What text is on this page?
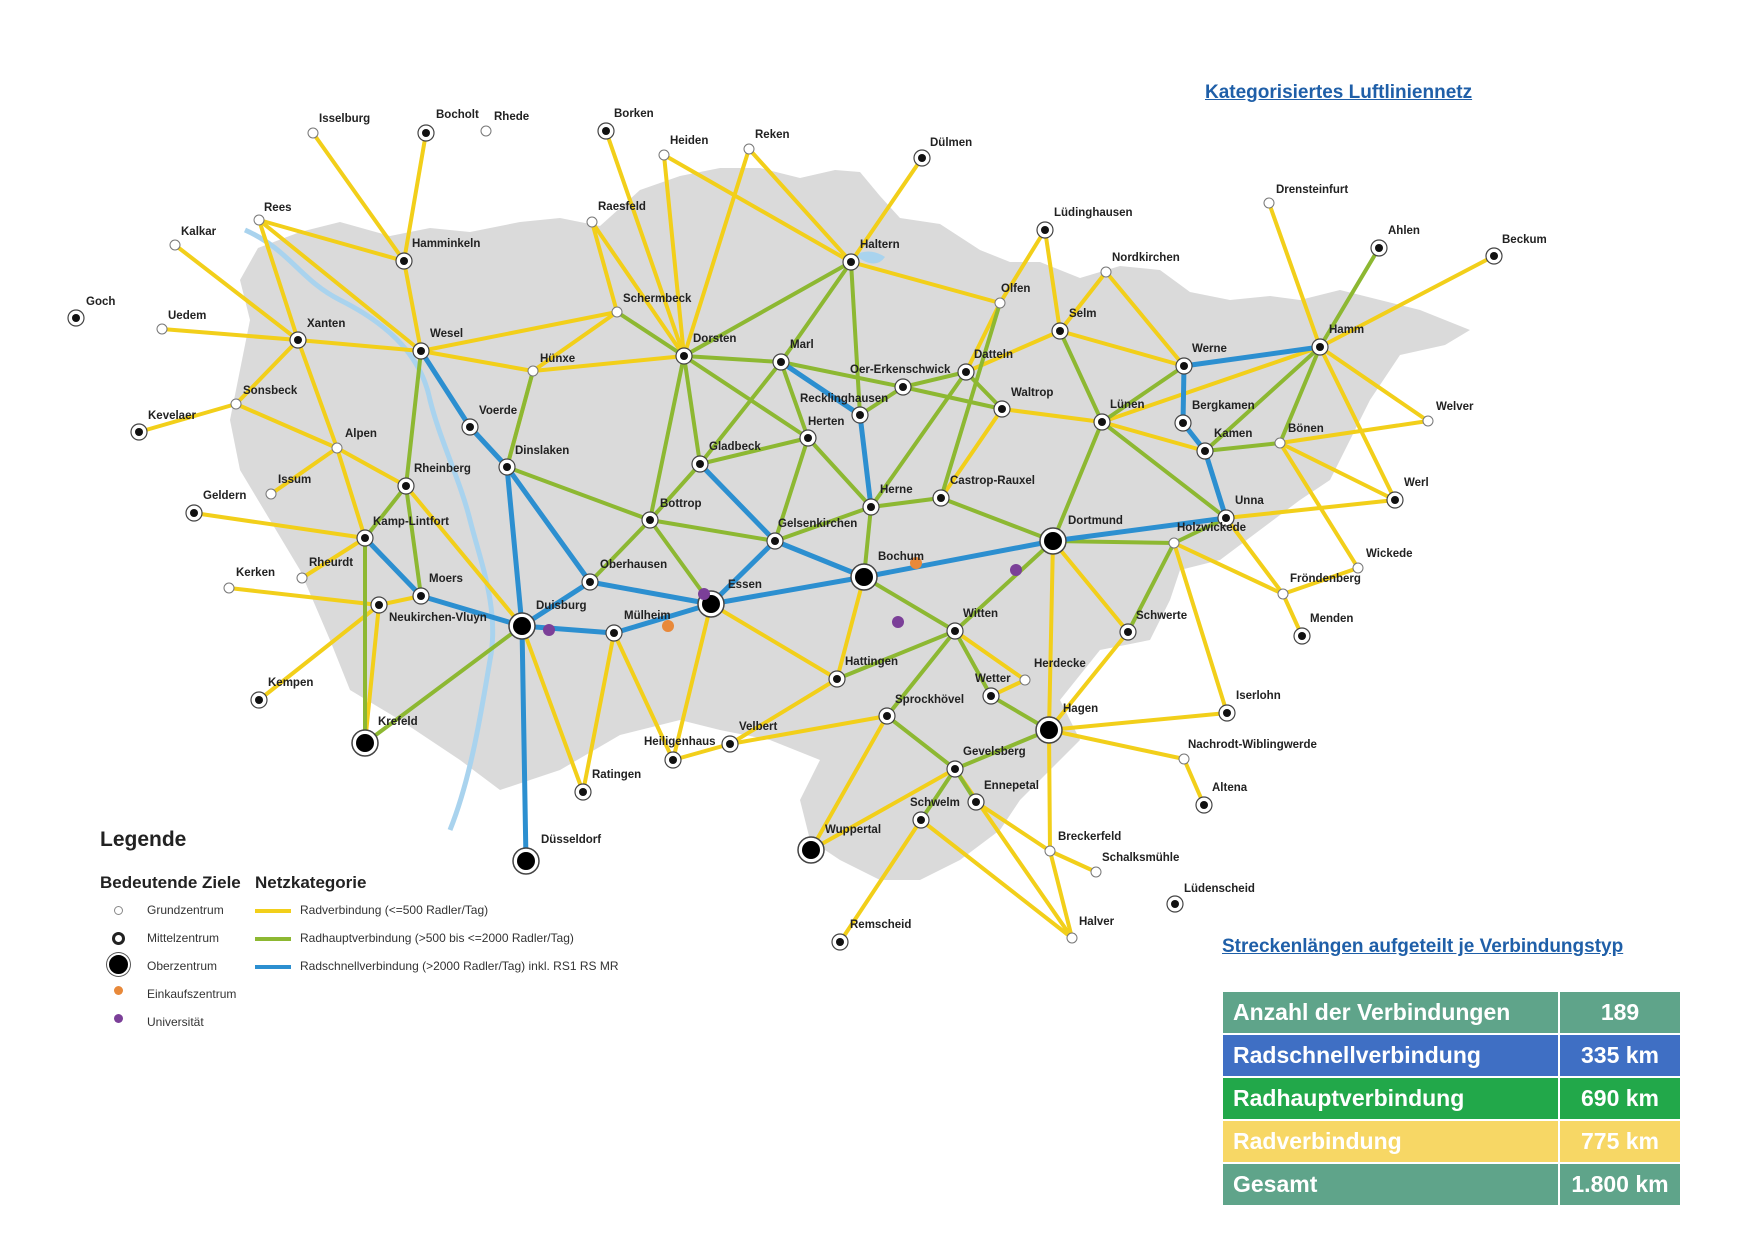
Isselburg	Bocholt Rhede	Borken
Heiden	Reken
Dülmen
Rees
Kalkar
Hamminkeln
Raesfeld
Haltern
Goch
Uedem
Xanten
Wesel
Schermbeck
Dorsten	Marl
Hünxe
Kevelaer
Sonsbeck
Voerde
Oer-Erkenschwick
Recklinghausen
Datteln
Olfen
Lüdinghausen
Nordkirchen
Selm
Drensteinfurt
Ahlen
Beckum
Hamm
Werne
Bergkamen
Kamen	Bönen
Welver
Werl
Alpen
Dinslaken
Herten
Waltrop
Lünen
Issum
Rheinberg
Gladbeck
Geldern
Kamp-Lintfort
Bottrop
Herne
Castrop-Rauxel
Unna
Gelsenkirchen	Dortmund
Holzwickede
Rheurdt
Kerken
Oberhausen
Bochum	Wickede
Fröndenberg
Moers	Essen
Neukirchen-Vluyn
Duisburg
Mülheim	Witten	Schwerte	Menden
Kempen
Hattingen	Herdecke
Wetter
Sprockhövel	Iserlohn
Hagen
Krefeld	Velbert
Heiligenhaus	Nachrodt-Wiblingwerde
Gevelsberg
Ratingen
Ennepetal	Altena
Schwelm
Düsseldorf
Wuppertal
Breckerfeld
Schalksmühle
Lüdenscheid
Remscheid	Halver
Kategorisiertes Luftliniennetz
Legende
Bedeutende Ziele Netzkategorie
Grundzentrum
Mittelzentrum
Oberzentrum
Einkaufszentrum
Universität
Radverbindung (<=500 Radler/Tag)
Radhauptverbindung (>500 bis <=2000 Radler/Tag)
Radschnellverbindung (>2000 Radler/Tag) inkl. RS1 RS MR
Streckenlängen aufgeteilt je Verbindungstyp
Anzahl der Verbindungen	189
Radschnellverbindung	335 km
Radhauptverbindung	690 km
Radverbindung	775 km
Gesamt	1.800 km
